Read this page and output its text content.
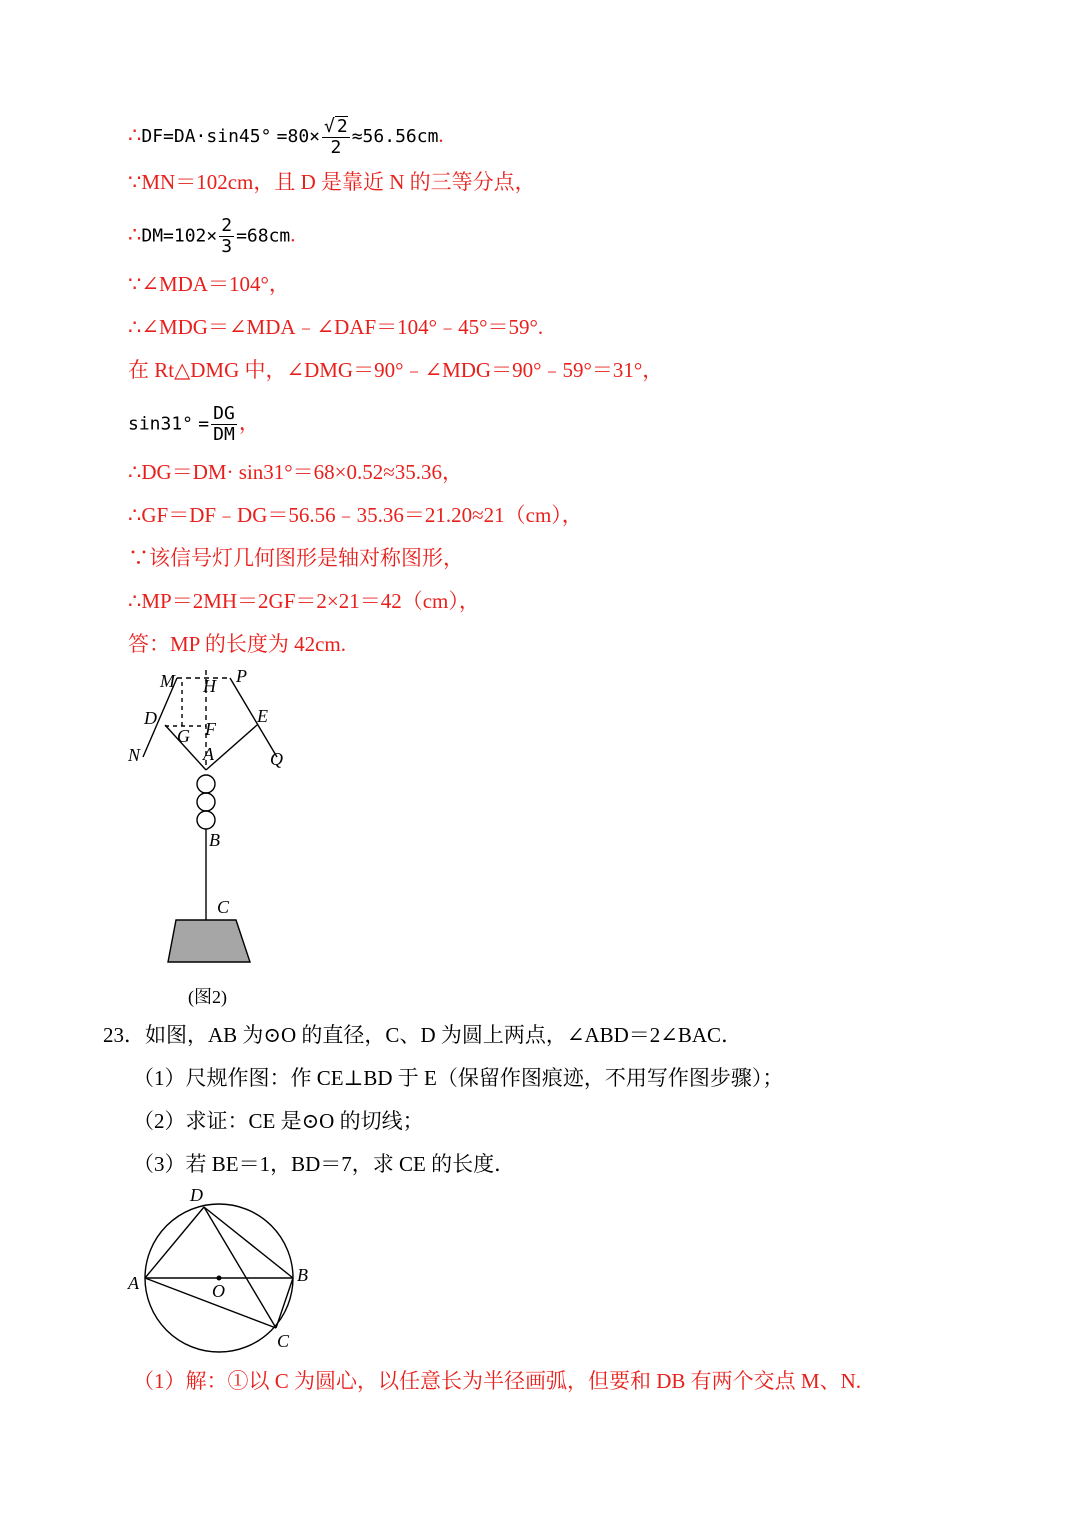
∴DF=DA·sin45° $=80\times \frac{√ 2}{2} \approx 56.56cm$.
∵MN＝102cm，且 D 是靠近 N 的三等分点，
∴DM=102× $\frac{2}{3} =68cm$.
∵∠MDA＝104°，
∴∠MDG＝∠MDA﹣∠DAF＝104°﹣45°＝59°.
在 Rt△DMG 中，∠DMG＝90°﹣∠MDG＝90°﹣59°＝31°，
$\sin 31^\circ = \frac{DG}{DM}$ ，
∴DG＝DM· sin31°＝68×0.52≈35.36，
∴GF＝DF﹣DG＝56.56﹣35.36＝21.20≈21（cm），
∵该信号灯几何图形是轴对称图形，
∴MP＝2MH＝2GF＝2×21＝42（cm），
答：MP 的长度为 42cm.
M H P
D	E
G F
A
N	Q
B
C
(图2)
23．如图，AB 为⊙O 的直径，C、D 为圆上两点，∠ABD＝2∠BAC．
（1）尺规作图：作 CE⊥BD 于 E（保留作图痕迹，不用写作图步骤）；
（2）求证：CE 是⊙O 的切线；
（3）若 BE＝1，BD＝7，求 CE 的长度．
D
A	O
B
C
（1）解：①以 C 为圆心，以任意长为半径画弧，但要和 DB 有两个交点 M、N.
